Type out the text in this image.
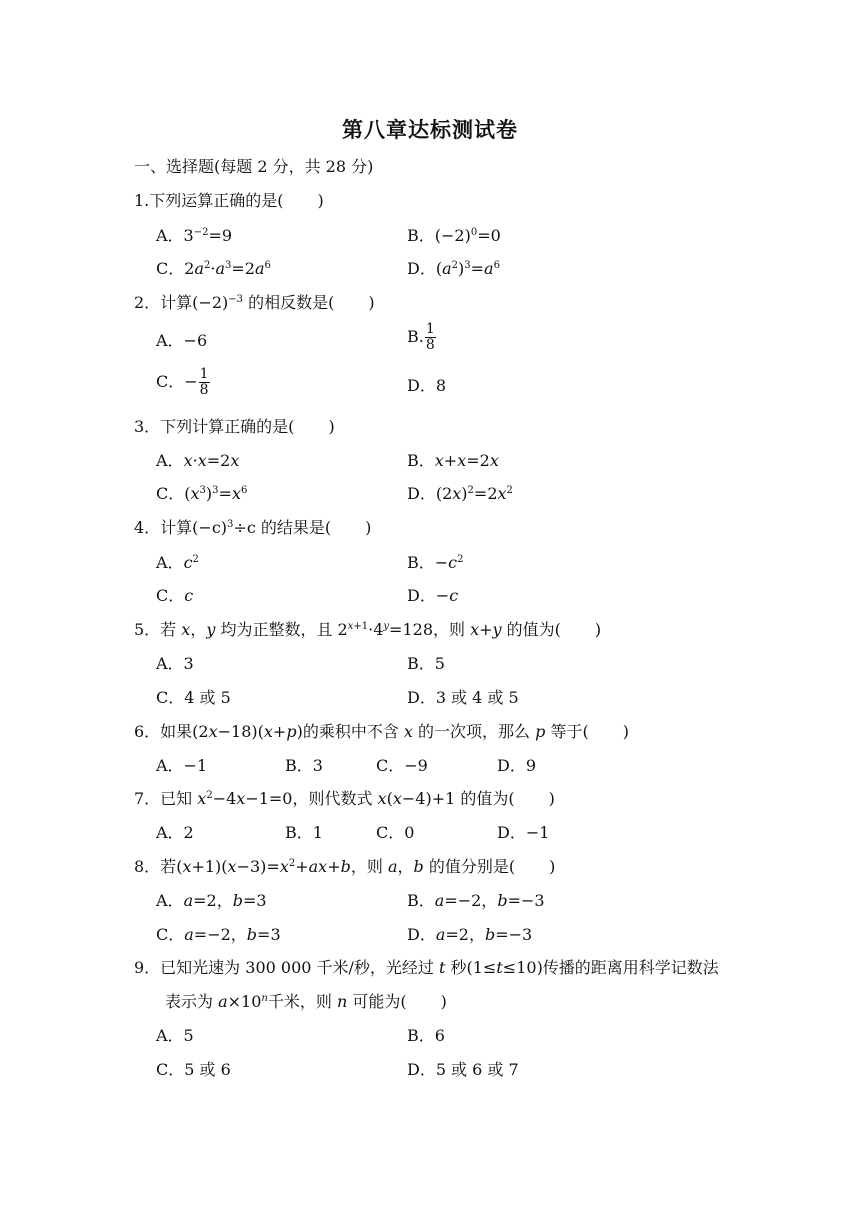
第八章达标测试卷
一、选择题(每题 2 分，共 28 分)
1.下列运算正确的是( )
A．$3^{-2}=9$	B．$(-2)^0=0$
C．$2a^2\cdot a^3=2a^6$	D．$(a^2)^3=a^6$
2．计算$(-2)^{-3}$ 的相反数是( )
A．−6	B. $\frac{1}{8}$
C．− $\frac{1}{8}$	D．8
3．下列计算正确的是( )
A．x·x=2x	B．x+x=2x
C．$(x^3)^3=x^6$	D．$(2x)^2=2x^2$
4．计算$(-c)^3\div c$ 的结果是( )
A．$c^2$	B．$-c^2$
C．c	D．−c
5．若 x，y 均为正整数，且 $2^{x+1}\cdot 4^y=128$，则 x+y 的值为( )
A．3	B．5
C．4 或 5	D．3 或 4 或 5
6．如果(2x−18)(x+p)的乘积中不含 x 的一次项，那么 p 等于( )
A．−1	B．3	C．−9	D．9
7．已知 $x^2-4x-1=0$，则代数式 x(x−4)+1 的值为( )
A．2	B．1	C．0	D．−1
8．若$(x+1)(x-3)=x^2+ax+b$，则 a，b 的值分别是( )
A．a=2，b=3	B．a=−2，b=−3
C．a=−2，b=3	D．a=2，b=−3
9．已知光速为 300 000 千米/秒，光经过 t 秒(1≤t≤10)传播的距离用科学记数法
表示为 $a\times 10^n$千米，则 n 可能为( )
A．5	B．6
C．5 或 6	D．5 或 6 或 7
